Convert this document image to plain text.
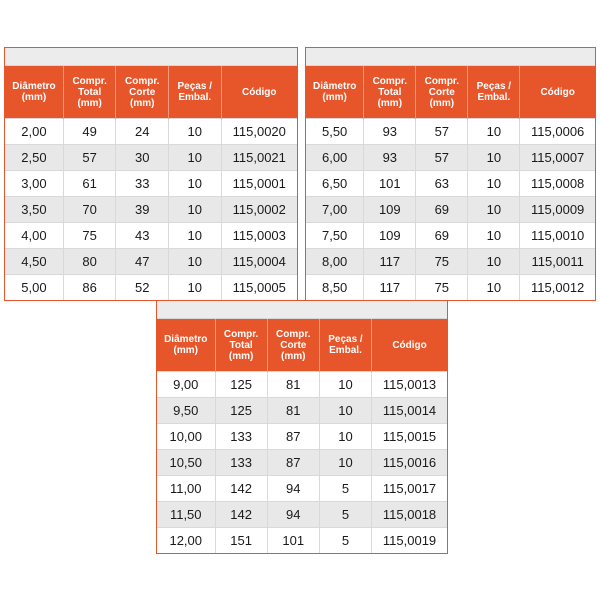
Diâmetro (mm)	Compr. Total (mm)	Compr. Corte (mm)	Peças / Embal.	Código
2,00	49	24	10	115,0020
2,50	57	30	10	115,0021
3,00	61	33	10	115,0001
3,50	70	39	10	115,0002
4,00	75	43	10	115,0003
4,50	80	47	10	115,0004
5,00	86	52	10	115,0005
Diâmetro (mm)	Compr. Total (mm)	Compr. Corte (mm)	Peças / Embal.	Código
5,50	93	57	10	115,0006
6,00	93	57	10	115,0007
6,50	101	63	10	115,0008
7,00	109	69	10	115,0009
7,50	109	69	10	115,0010
8,00	117	75	10	115,0011
8,50	117	75	10	115,0012
Diâmetro (mm)	Compr. Total (mm)	Compr. Corte (mm)	Peças / Embal.	Código
9,00	125	81	10	115,0013
9,50	125	81	10	115,0014
10,00	133	87	10	115,0015
10,50	133	87	10	115,0016
11,00	142	94	5	115,0017
11,50	142	94	5	115,0018
12,00	151	101	5	115,0019
